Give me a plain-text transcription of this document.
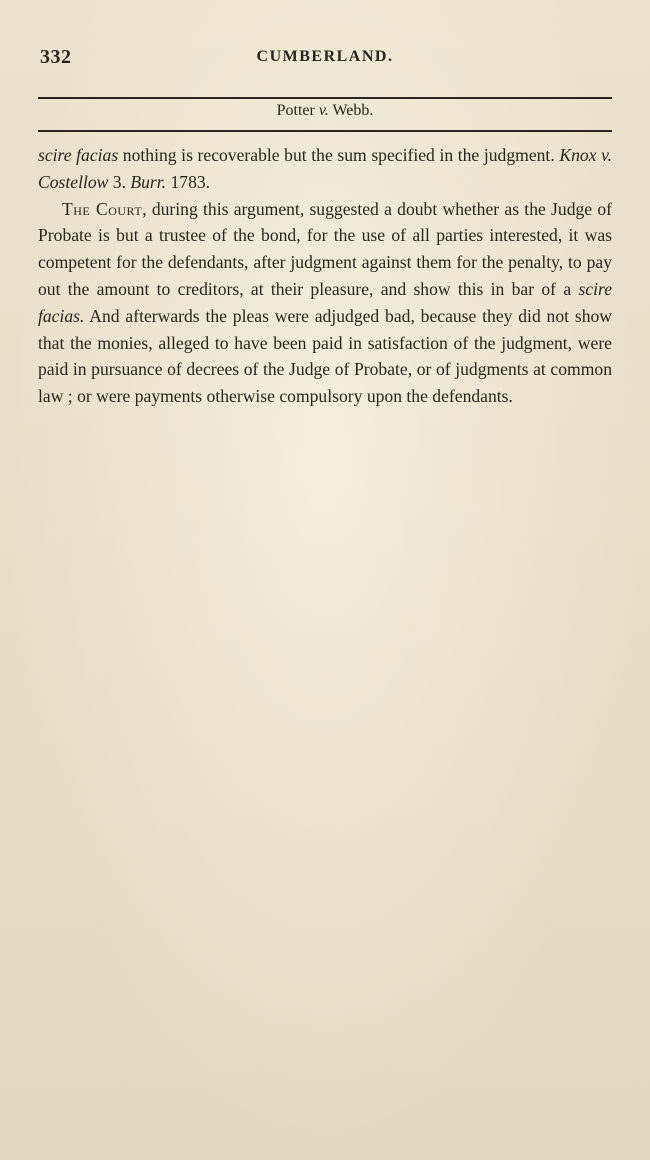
332	CUMBERLAND.
Potter v. Webb.

scire facias nothing is recoverable but the sum specified in the judgment. Knox v. Costellow 3. Burr. 1783.

The Court, during this argument, suggested a doubt whether as the Judge of Probate is but a trustee of the bond, for the use of all parties interested, it was competent for the defendants, after judgment against them for the penalty, to pay out the amount to creditors, at their pleasure, and show this in bar of a scire facias. And afterwards the pleas were adjudged bad, because they did not show that the monies, alleged to have been paid in satisfaction of the judgment, were paid in pursuance of decrees of the Judge of Probate, or of judgments at common law ; or were payments otherwise compulsory upon the defendants.
